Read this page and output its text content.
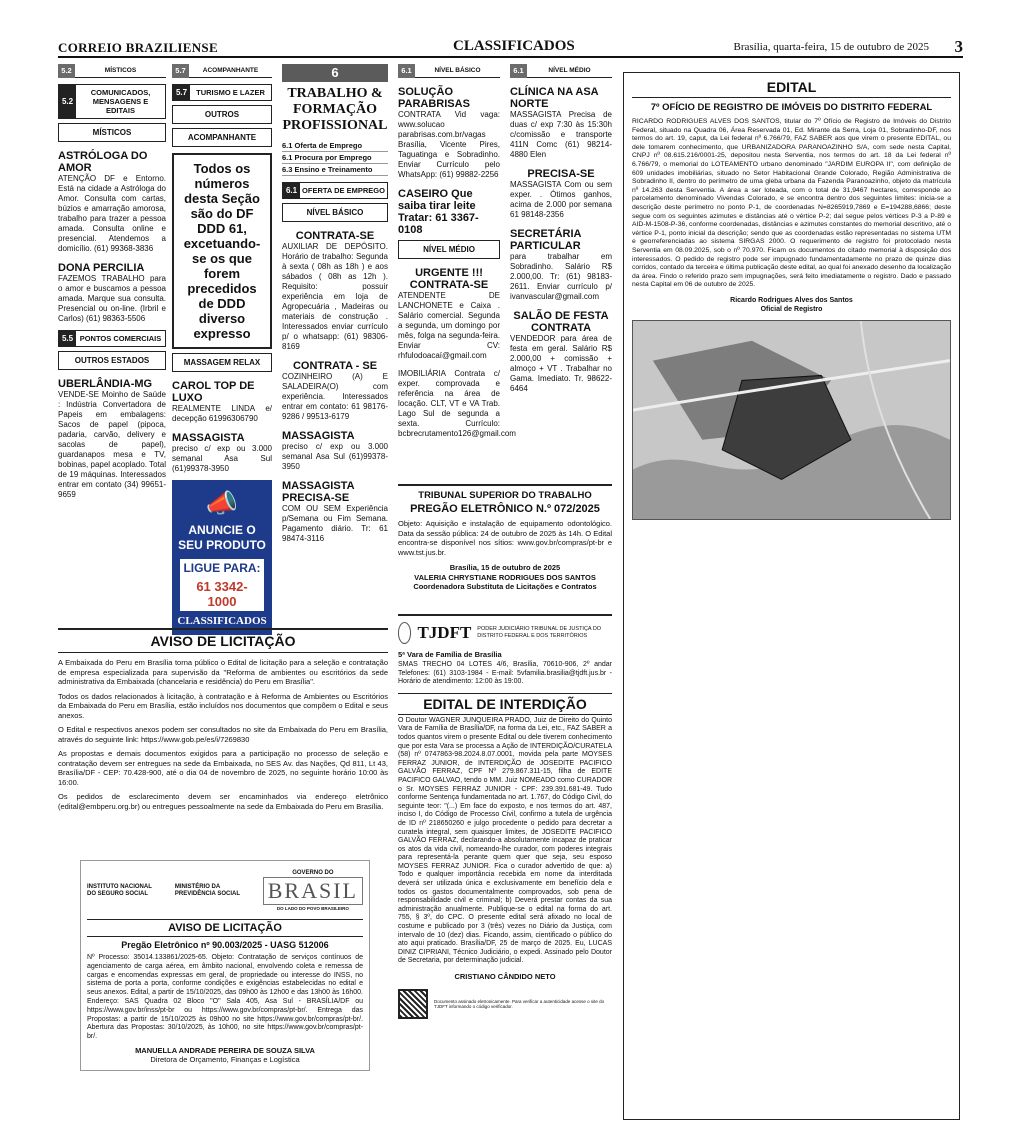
CORREIO BRAZILIENSE	CLASSIFICADOS	Brasília, quarta-feira, 15 de outubro de 2025 3
5.2	MÍSTICOS
5.2
COMUNICADOS, MENSAGENS E EDITAIS
MÍSTICOS
ASTRÓLOGA DO AMOR
ATENÇÃO DF e Entorno. Está na cidade a Astróloga do Amor. Consulta com cartas, búzios e amarração amorosa, trabalho para trazer a pessoa amada. Consulta online e presencial. Atendemos a domicílio. (61) 99368-3836
DONA PERCILIA
FAZEMOS TRABALHO para o amor e buscamos a pessoa amada. Marque sua consulta. Presencial ou on-line. (Irbril e Carlos) (61) 98363-5506
5.5 PONTOS COMERCIAIS
OUTROS ESTADOS
UBERLÂNDIA-MG
VENDE-SE Moinho de Saúde : Indústria Convertadora de Papeis em embalagens: Sacos de papel (pipoca, padaria, carvão, delivery e sacolas de papel), guardanapos mesa e TV, bobinas, papel acoplado. Total de 19 máquinas. Interessados entrar em contato (34) 99651-9659
5.7	ACOMPANHANTE
5.7	TURISMO E LAZER
OUTROS
ACOMPANHANTE
Todos os números desta Seção são do DF DDD 61, excetuando-se os que forem precedidos de DDD diverso expresso
MASSAGEM RELAX
CAROL TOP DE LUXO
REALMENTE LINDA e/ decepção 61996306790
MASSAGISTA
preciso c/ exp ou 3.000 semanal Asa Sul (61)99378-3950
📣
ANUNCIE O SEU PRODUTO
LIGUE PARA:
61 3342-1000
CLASSIFICADOS
6
TRABALHO & FORMAÇÃO PROFISSIONAL
6.1 Oferta de Emprego
6.1 Procura por Emprego
6.3 Ensino e Treinamento
6.1 OFERTA DE EMPREGO
NÍVEL BÁSICO
CONTRATA-SE
AUXILIAR DE DEPÓSITO. Horário de trabalho: Segunda à sexta ( 08h as 18h ) e aos sábados ( 08h as 12h ). Requisito: possuir experiência em loja de Agropecuária , Madeiras ou materiais de construção . Interessados enviar currículo p/ o whatsapp: (61) 98306-8169
CONTRATA - SE
COZINHEIRO (A) E SALADEIRA(O) com experiência. Interessados entrar em contato: 61 98176-9286 / 99513-6179
MASSAGISTA
preciso c/ exp ou 3.000 semanal Asa Sul (61)99378-3950
MASSAGISTA PRECISA-SE
COM OU SEM Experiência p/Semana ou Fim Semana. Pagamento diário. Tr: 61 98474-3116
6.1	NÍVEL BÁSICO
SOLUÇÃO PARABRISAS
CONTRATA Vid vaga: www.solucao parabrisas.com.br/vagas Brasília, Vicente Pires, Taguatinga e Sobradinho. Enviar Currículo pelo WhatsApp: (61) 99882-2256
CASEIRO Que saiba tirar leite Tratar: 61 3367-0108
NÍVEL MÉDIO
URGENTE !!! CONTRATA-SE
ATENDENTE DE LANCHONETE e Caixa . Salário comercial. Segunda a segunda, um domingo por mês, folga na segunda-feira. Enviar CV: rhfulodoacaí@gmail.com
IMOBILIÁRIA Contrata c/ exper. comprovada e referência na área de locação. CLT, VT e VA Trab. Lago Sul de segunda a sexta. Currículo: bcbrecrutamento126@gmail.com
6.1	NÍVEL MÉDIO
CLÍNICA NA ASA NORTE
MASSAGISTA Precisa de duas c/ exp 7:30 às 15:30h c/comissão e transporte 411N Comc (61) 98214-4880 Elen
PRECISA-SE
MASSAGISTA Com ou sem exper. . Ótimos ganhos, acima de 2.000 por semana 61 98148-2356
SECRETÁRIA PARTICULAR
para trabalhar em Sobradinho. Salário R$ 2.000,00. Tr: (61) 98183-2611. Enviar currículo p/ ivanvascular@gmail.com
SALÃO DE FESTA CONTRATA
VENDEDOR para área de festa em geral. Salário R$ 2.000,00 + comissão + almoço + VT . Trabalhar no Gama. Imediato. Tr. 98622-6464
AVISO DE LICITAÇÃO

A Embaixada do Peru em Brasília torna público o Edital de licitação para a seleção e contratação de empresa especializada para supervisão da "Reforma de ambientes ou escritórios da sede administrativa da Embaixada (chancelaria e residência) do Peru em Brasília".

Todos os dados relacionados à licitação, à contratação e à Reforma de Ambientes ou Escritórios da Embaixada do Peru em Brasília, estão incluídos nos documentos que compõem o Edital e seus anexos.

O Edital e respectivos anexos podem ser consultados no site da Embaixada do Peru em Brasília, através do seguinte link: https://www.gob.pe/es/i/7269830

As propostas e demais documentos exigidos para a participação no processo de seleção e contratação devem ser entregues na sede da Embaixada, no SES Av. das Nações, Qd 811, Lt 43, Brasília/DF - CEP: 70.428-900, até o dia 04 de novembro de 2025, no seguinte horário 10:00 às 16:00.

Os pedidos de esclarecimento devem ser encaminhados via endereço eletrônico (edital@embperu.org.br) ou entregues pessoalmente na sede da Embaixada do Peru em Brasília.

INSTITUTO NACIONAL DO SEGURO SOCIAL
MINISTÉRIO DA PREVIDÊNCIA SOCIAL
GOVERNO DO
BRASIL
DO LADO DO POVO BRASILEIRO
AVISO DE LICITAÇÃO
Pregão Eletrônico nº 90.003/2025 - UASG 512006

Nº Processo: 35014.133861/2025-65. Objeto: Contratação de serviços contínuos de agenciamento de carga aérea, em âmbito nacional, envolvendo coleta e remessa de cargas e encomendas expressas em geral, de propriedade ou interesse do INSS, no sistema de porta a porta, conforme condições e exigências estabelecidas no edital e seus anexos. Edital, a partir de 15/10/2025, das 09h00 às 12h00 e das 13h00 às 16h00. Endereço: SAS Quadra 02 Bloco "O" Sala 405, Asa Sul - BRASÍLIA/DF ou https://www.gov.br/inss/pt-br ou https://www.gov.br/compras/pt-br/. Entrega das Propostas: a partir de 15/10/2025 às 09h00 no site https://www.gov.br/compras/pt-br/. Abertura das Propostas: 30/10/2025, às 10h00, no site https://www.gov.br/compras/pt-br/.

MANUELLA ANDRADE PEREIRA DE SOUZA SILVA
Diretora de Orçamento, Finanças e Logística
TRIBUNAL SUPERIOR DO TRABALHO
PREGÃO ELETRÔNICO N.º 072/2025

Objeto: Aquisição e instalação de equipamento odontológico. Data da sessão pública: 24 de outubro de 2025 às 14h. O Edital encontra-se disponível nos sítios: www.gov.br/compras/pt-br e www.tst.jus.br.

Brasília, 15 de outubro de 2025
VALERIA CHRYSTIANE RODRIGUES DOS SANTOS
Coordenadora Substituta de Licitações e Contratos
TJDFT PODER JUDICIÁRIO TRIBUNAL DE JUSTIÇA DO DISTRITO FEDERAL E DOS TERRITÓRIOS
5ª Vara de Família de Brasília

SMAS TRECHO 04 LOTES 4/6, Brasília, 70610-906, 2º andar Telefones: (61) 3103-1984 - E-mail: 5vfamilia.brasilia@tjdft.jus.br - Horário de atendimento: 12:00 às 19:00.

EDITAL DE INTERDIÇÃO

O Doutor WAGNER JUNQUEIRA PRADO, Juiz de Direito do Quinto Vara de Família de Brasília/DF, na forma da Lei, etc., FAZ SABER a todos quantos virem o presente Edital ou dele tiverem conhecimento que por esta Vara se processa a Ação de INTERDIÇÃO/CURATELA (58) nº 0747863-98.2024.8.07.0001, movida pela parte MOYSES FERRAZ JUNIOR, de INTERDIÇÃO de JOSEDITE PACIFICO GALVÃO FERRAZ, CPF Nº 279.867.311-15, filha de EDITE PACIFICO GALVAO, tendo o MM. Juiz NOMEADO como CURADOR o Sr. MOYSES FERRAZ JUNIOR - CPF: 239.391.681-49. Tudo conforme Sentença fundamentada no art. 1.767, do Código Civil, do seguinte teor: "(...) Em face do exposto, e nos termos do art. 487, inciso I, do Código de Processo Civil, confirmo a tutela de urgência de ID nº 218650260 e julgo procedente o pedido para decretar a curatela integral, sem quaisquer limites, de JOSEDITE PACIFICO GALVÃO FERRAZ, declarando-a absolutamente incapaz de praticar os atos da vida civil, nomeando-lhe curador, com poderes integrais para representá-la perante quem quer que seja, seu esposo MOYSES FERRAZ JUNIOR. Fica o curador advertido de que: a) Todo e qualquer importância recebida em nome da interditada deverá ser utilizada única e exclusivamente em benefício dela e todos os gastos documentalmente comprovados, sob pena de responsabilidade civil e criminal; b) Deverá prestar contas da sua administração anualmente. Publique-se o edital na forma do art. 755, § 3º, do CPC. O presente edital será afixado no local de costume e publicado por 3 (três) vezes no Diário da Justiça, com intervalo de 10 (dez) dias. Ficando, assim, cientificado o público do ato aqui praticado. Brasília/DF, 25 de março de 2025. Eu, LUCAS DINIZ CIPRIANI, Técnico Judiciário, o expedi. Assinado pelo Doutor de Secretaria, por determinação judicial.

CRISTIANO CÂNDIDO NETO
Documento assinado eletronicamente. Para verificar a autenticidade acesse o site do TJDFT informando o código verificador.
EDITAL
7º OFÍCIO DE REGISTRO DE IMÓVEIS DO DISTRITO FEDERAL

RICARDO RODRIGUES ALVES DOS SANTOS, titular do 7º Ofício de Registro de Imóveis do Distrito Federal, situado na Quadra 06, Área Reservada 01, Ed. Mirante da Serra, Loja 01, Sobradinho-DF, nos termos do art. 19, caput, da Lei federal nº 6.766/79, FAZ SABER aos que virem o presente EDITAL, ou dele tomarem conhecimento, que URBANIZADORA PARANOAZINHO S/A, com sede nesta Capital, CNPJ nº 08.615.216/0001-25, depositou nesta Serventia, nos termos do art. 18 da Lei federal nº 6.766/79, o memorial do LOTEAMENTO urbano denominado "JARDIM EUROPA II", com definição de 609 unidades imobiliárias, situado no Setor Habitacional Grande Colorado, Região Administrativa de Sobradinho II, dentro do perímetro de uma gleba urbana da Fazenda Paranoazinho, objeto da matrícula nº 14.263 desta Serventia. A área a ser loteada, com o total de 31,9467 hectares, corresponde ao parcelamento denominado Vivendas Colorado, e se encontra dentro dos seguintes limites: inicia-se a descrição deste perímetro no ponto P-1, de coordenadas N=8265919,7869 e E=194288,6866; deste segue com os seguintes azimutes e distâncias até o vértice P-2; daí segue pelos vértices P-3 a P-89 e AID-M-1508-P-36, conforme coordenadas, distâncias e azimutes constantes do memorial descritivo, até o vértice P-1, ponto inicial da descrição; sendo que as coordenadas estão representadas no sistema UTM e georreferenciadas ao sistema SIRGAS 2000. O requerimento de registro foi protocolado nesta Serventia em 08.09.2025, sob o nº 70.970. Ficam os documentos do citado memorial à disposição dos interessados. O pedido de registro pode ser impugnado fundamentadamente no prazo de quinze dias corridos, contado da terceira e última publicação deste edital, ao qual foi anexado desenho da localização da área. Findo o referido prazo sem impugnações, será feito imediatamente o registro. Dado e passado nesta Capital em 06 de outubro de 2025.

Ricardo Rodrigues Alves dos Santos
Oficial de Registro
